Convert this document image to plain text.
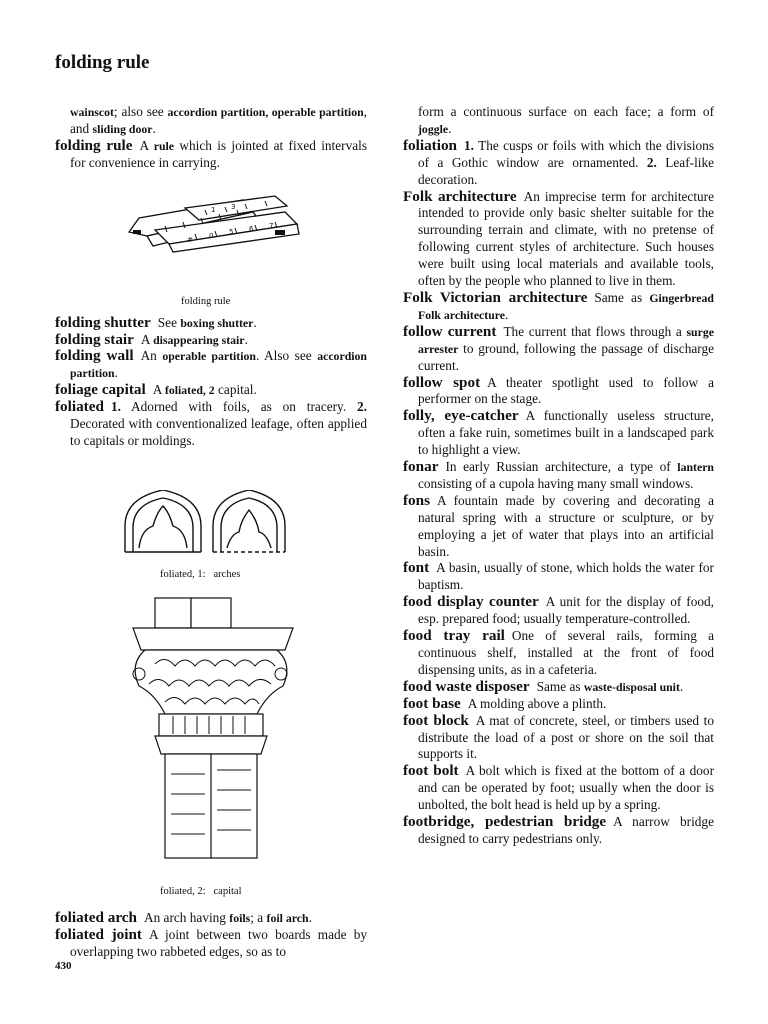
folding rule
wainscot; also see accordion partition, operable partition, and sliding door.
folding rule A rule which is jointed at fixed intervals for convenience in carrying.
# 0 5 6 7
1 3
folding rule
folding shutter See boxing shutter.
folding stair A disappearing stair.
folding wall An operable partition. Also see accordion partition.
foliage capital A foliated, 2 capital.
foliated 1. Adorned with foils, as on tracery. 2. Decorated with conventionalized leafage, often applied to capitals or moldings.
foliated, 1: arches
foliated, 2: capital
foliated arch An arch having foils; a foil arch.
foliated joint A joint between two boards made by overlapping two rabbeted edges, so as to
form a continuous surface on each face; a form of joggle.
foliation 1. The cusps or foils with which the divisions of a Gothic window are ornamented. 2. Leaf-like decoration.
Folk architecture An imprecise term for architecture intended to provide only basic shelter suitable for the surrounding terrain and climate, with no pretense of following current styles of architecture. Such houses were built using local materials and available tools, often by the people who planned to live in them.
Folk Victorian architecture Same as Gingerbread Folk architecture.
follow current The current that flows through a surge arrester to ground, following the passage of discharge current.
follow spot A theater spotlight used to follow a performer on the stage.
folly, eye-catcher A functionally useless structure, often a fake ruin, sometimes built in a landscaped park to highlight a view.
fonar In early Russian architecture, a type of lantern consisting of a cupola having many small windows.
fons A fountain made by covering and decorating a natural spring with a structure or sculpture, or by employing a jet of water that plays into an artificial basin.
font A basin, usually of stone, which holds the water for baptism.
food display counter A unit for the display of food, esp. prepared food; usually temperature-controlled.
food tray rail One of several rails, forming a continuous shelf, installed at the front of food dispensing units, as in a cafeteria.
food waste disposer Same as waste-disposal unit.
foot base A molding above a plinth.
foot block A mat of concrete, steel, or timbers used to distribute the load of a post or shore on the soil that supports it.
foot bolt A bolt which is fixed at the bottom of a door and can be operated by foot; usually when the door is unbolted, the bolt head is held up by a spring.
footbridge, pedestrian bridge A narrow bridge designed to carry pedestrians only.
430
